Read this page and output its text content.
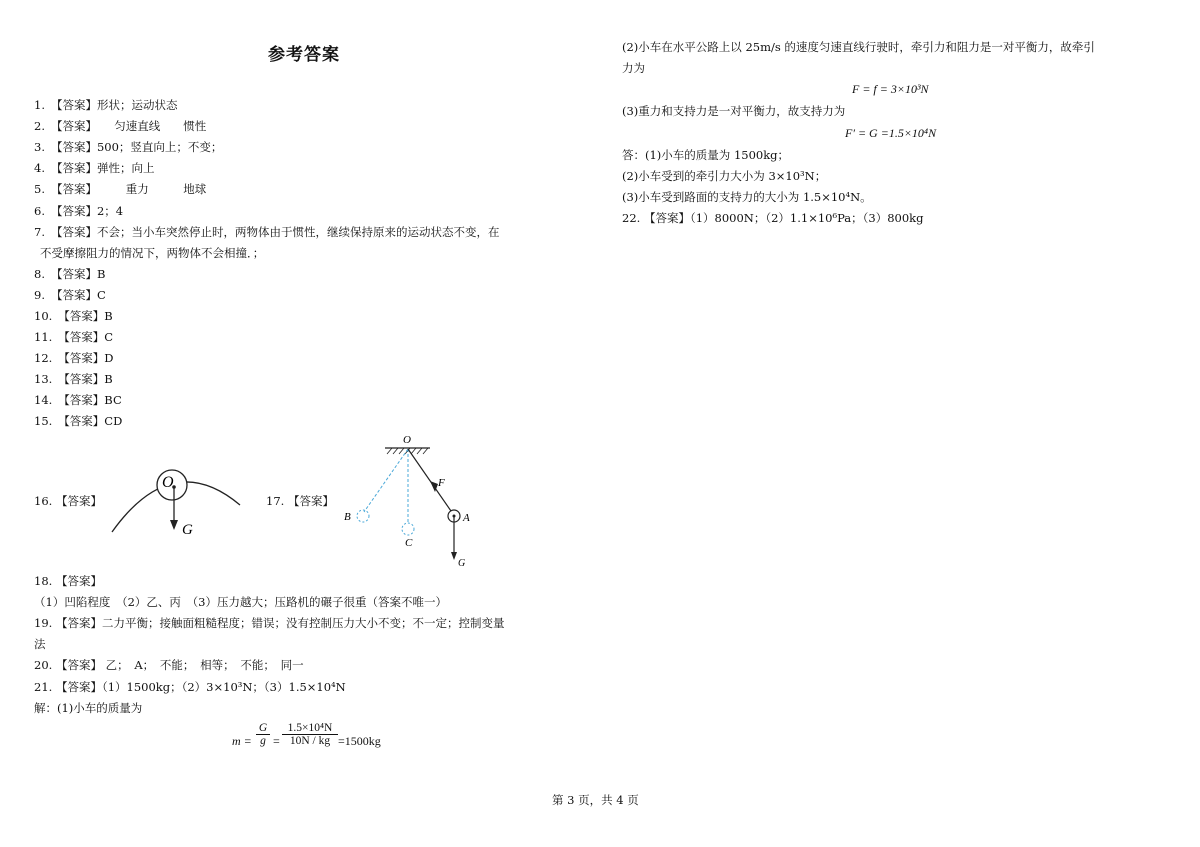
参考答案
1. 【答案】形状；运动状态
2. 【答案】　　匀速直线　　惯性
3. 【答案】500；竖直向上；不变；
4. 【答案】弹性；向上
5. 【答案】　　　重力　　　地球
6. 【答案】2；4
7. 【答案】不会；当小车突然停止时，两物体由于惯性，继续保持原来的运动状态不变，在
不受摩擦阻力的情况下，两物体不会相撞．；
8. 【答案】B
9. 【答案】C
10. 【答案】B
11. 【答案】C
12. 【答案】D
13. 【答案】B
14. 【答案】BC
15. 【答案】CD
16. 【答案】
O
G
17. 【答案】
O
F
A
B
C
G
18. 【答案】
（1）凹陷程度　（2）乙、丙　（3）压力越大；压路机的碾子很重（答案不唯一）
19. 【答案】二力平衡；接触面粗糙程度；错误；没有控制压力大小不变；不一定；控制变量
法
20. 【答案】 乙；　A；　不能；　相等；　不能；　同一
21. 【答案】（1）1500kg；（2）3×10³N；（3）1.5×10⁴N
解：(1)小车的质量为
$m = \frac{G}{g} = \frac{\text{1.5×10⁴N}}{10N / kg} =1500kg$
(2)小车在水平公路上以 25m/s 的速度匀速直线行驶时，牵引力和阻力是一对平衡力，故牵引
力为
F = f = 3×10³N
(3)重力和支持力是一对平衡力，故支持力为
F′ = G =1.5×10⁴N
答：(1)小车的质量为 1500kg；
(2)小车受到的牵引力大小为 3×10³N；
(3)小车受到路面的支持力的大小为 1.5×10⁴N。
22. 【答案】（1）8000N；（2）1.1×10⁶Pa；（3）800kg
第 3 页，共 4 页
